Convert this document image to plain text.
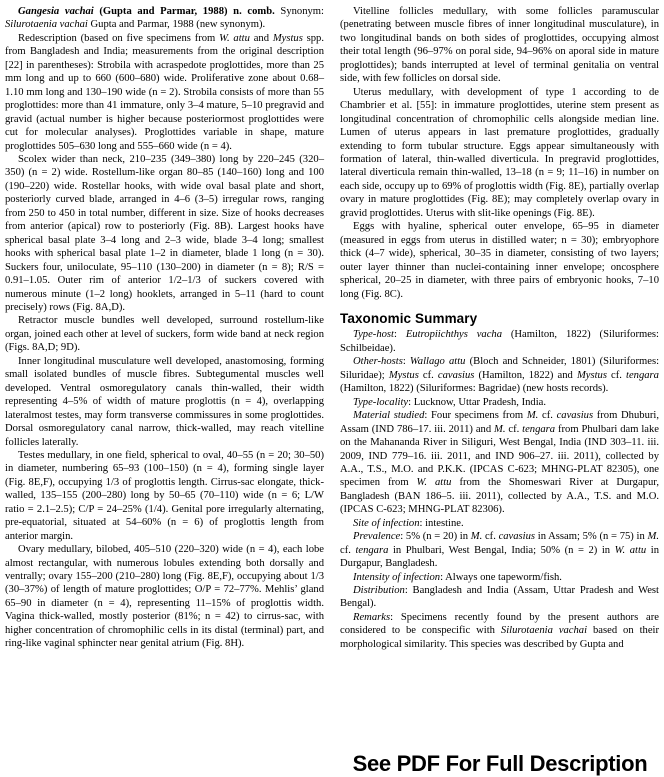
Gangesia vachai (Gupta and Parmar, 1988) n. comb. Synonym: Silurotaenia vachai Gupta and Parmar, 1988 (new synonym).

Redescription (based on five specimens from W. attu and Mystus spp. from Bangladesh and India; measurements from the original description [22] in parentheses): Strobila with acraspedote proglottides, more than 25 mm long and up to 660 (600–680) wide. Proliferative zone about 0.68–1.10 mm long and 130–190 wide (n = 2). Strobila consists of more than 55 proglottides: more than 41 immature, only 3–4 mature, 5–10 pregravid and gravid (actual number is higher because posteriormost proglottides were cut for molecular analyses). Proglottides variable in shape, mature proglottides 505–630 long and 555–660 wide (n = 4).

Scolex wider than neck, 210–235 (349–380) long by 220–245 (320–350) (n = 2) wide. Rostellum-like organ 80–85 (140–160) long and 100 (190–220) wide. Rostellar hooks, with wide oval basal plate and short, posteriorly curved blade, arranged in 4–6 (3–5) irregular rows, ranging from 250 to 450 in total number, different in size. Size of hooks decreases from anterior (apical) row to posteriorly (Fig. 8B). Largest hooks have spherical basal plate 3–4 long and 2–3 wide, blade 3–4 long; smallest hooks with spherical basal plate 1–2 in diameter, blade 1 long (n = 30). Suckers four, uniloculate, 95–110 (130–200) in diameter (n = 8); R/S = 0.91–1.05. Outer rim of anterior 1/2–1/3 of suckers covered with numerous minute (1–2 long) hooklets, arranged in 5–11 (hard to count precisely) rows (Fig. 8A,D).

Retractor muscle bundles well developed, surround rostellum-like organ, joined each other at level of suckers, form wide band at neck region (Figs. 8A,D; 9D).

Inner longitudinal musculature well developed, anastomosing, forming small isolated bundles of muscle fibres. Subtegumental muscles well developed. Ventral osmoregulatory canals thin-walled, their width representing 4–5% of width of mature proglottis (n = 4), overlapping lateralmost testes, may form transverse commissures in some proglottides. Dorsal osmoregulatory canal narrow, thick-walled, may reach vitelline follicles laterally.

Testes medullary, in one field, spherical to oval, 40–55 (n = 20; 30–50) in diameter, numbering 65–93 (100–150) (n = 4), forming single layer (Fig. 8E,F), occupying 1/3 of proglottis length. Cirrus-sac elongate, thick-walled, 135–155 (200–280) long by 50–65 (70–110) wide (n = 6; L/W ratio = 2.1–2.5); C/P = 24–25% (1/4). Genital pore irregularly alternating, pre-equatorial, situated at 54–60% (n = 6) of proglottis length from anterior margin.

Ovary medullary, bilobed, 405–510 (220–320) wide (n = 4), each lobe almost rectangular, with numerous lobules extending both dorsally and ventrally; ovary 155–200 (210–280) long (Fig. 8E,F), occupying about 1/3 (30–37%) of length of mature proglottides; O/P = 72–77%. Mehlis’ gland 65–90 in diameter (n = 4), representing 11–15% of proglottis width. Vagina thick-walled, mostly posterior (81%; n = 42) to cirrus-sac, with higher concentration of chromophilic cells in its distal (terminal) part, and ring-like vaginal sphincter near genital atrium (Fig. 8H).

Vitelline follicles medullary, with some follicles paramuscular (penetrating between muscle fibres of inner longitudinal musculature), in two longitudinal bands on both sides of proglottides, occupying almost their total length (96–97% on poral side, 94–96% on aporal side in mature proglottides); bands interrupted at level of terminal genitalia on ventral side, with few follicles on dorsal side.

Uterus medullary, with development of type 1 according to de Chambrier et al. [55]: in immature proglottides, uterine stem present as longitudinal concentration of chromophilic cells alongside median line. Lumen of uterus appears in last premature proglottides, gradually extending to form tubular structure. Eggs appear simultaneously with formation of lateral, thin-walled diverticula. In pregravid proglottides, lateral diverticula remain thin-walled, 13–18 (n = 9; 11–16) in number on each side, occupy up to 69% of proglottis width (Fig. 8E), partially overlap ovary in mature proglottides (Fig. 8E); may completely overlap ovary in gravid proglottides. Uterus with slit-like openings (Fig. 8E).

Eggs with hyaline, spherical outer envelope, 65–95 in diameter (measured in eggs from uterus in distilled water; n = 30); embryophore thick (4–7 wide), spherical, 30–35 in diameter, consisting of two layers; outer layer thinner than nuclei-containing inner envelope; oncosphere spherical, 20–25 in diameter, with three pairs of embryonic hooks, 7–10 long (Fig. 8C).

Taxonomic Summary

Type-host: Eutropiichthys vacha (Hamilton, 1822) (Siluriformes: Schilbeidae).

Other-hosts: Wallago attu (Bloch and Schneider, 1801) (Siluriformes: Siluridae); Mystus cf. cavasius (Hamilton, 1822) and Mystus cf. tengara (Hamilton, 1822) (Siluriformes: Bagridae) (new hosts records).

Type-locality: Lucknow, Uttar Pradesh, India.

Material studied: Four specimens from M. cf. cavasius from Dhuburi, Assam (IND 786–17. iii. 2011) and M. cf. tengara from Phulbari dam lake on the Mahananda River in Siliguri, West Bengal, India (IND 303–11. iii. 2009, IND 779–16. iii. 2011, and IND 906–27. iii. 2011), collected by A.A., T.S., M.O. and P.K.K. (IPCAS C-623; MHNG-PLAT 82305), one specimen from W. attu from the Shomeswari River at Durgapur, Bangladesh (BAN 186–5. iii. 2011), collected by A.A., T.S. and M.O. (IPCAS C-623; MHNG-PLAT 82306).

Site of infection: intestine.

Prevalence: 5% (n = 20) in M. cf. cavasius in Assam; 5% (n = 75) in M. cf. tengara in Phulbari, West Bengal, India; 50% (n = 2) in W. attu in Durgapur, Bangladesh.

Intensity of infection: Always one tapeworm/fish.

Distribution: Bangladesh and India (Assam, Uttar Pradesh and West Bengal).

Remarks: Specimens recently found by the present authors are considered to be conspecific with Silurotaenia vachai based on their morphological similarity. This species was described by Gupta and

See PDF For Full Description
